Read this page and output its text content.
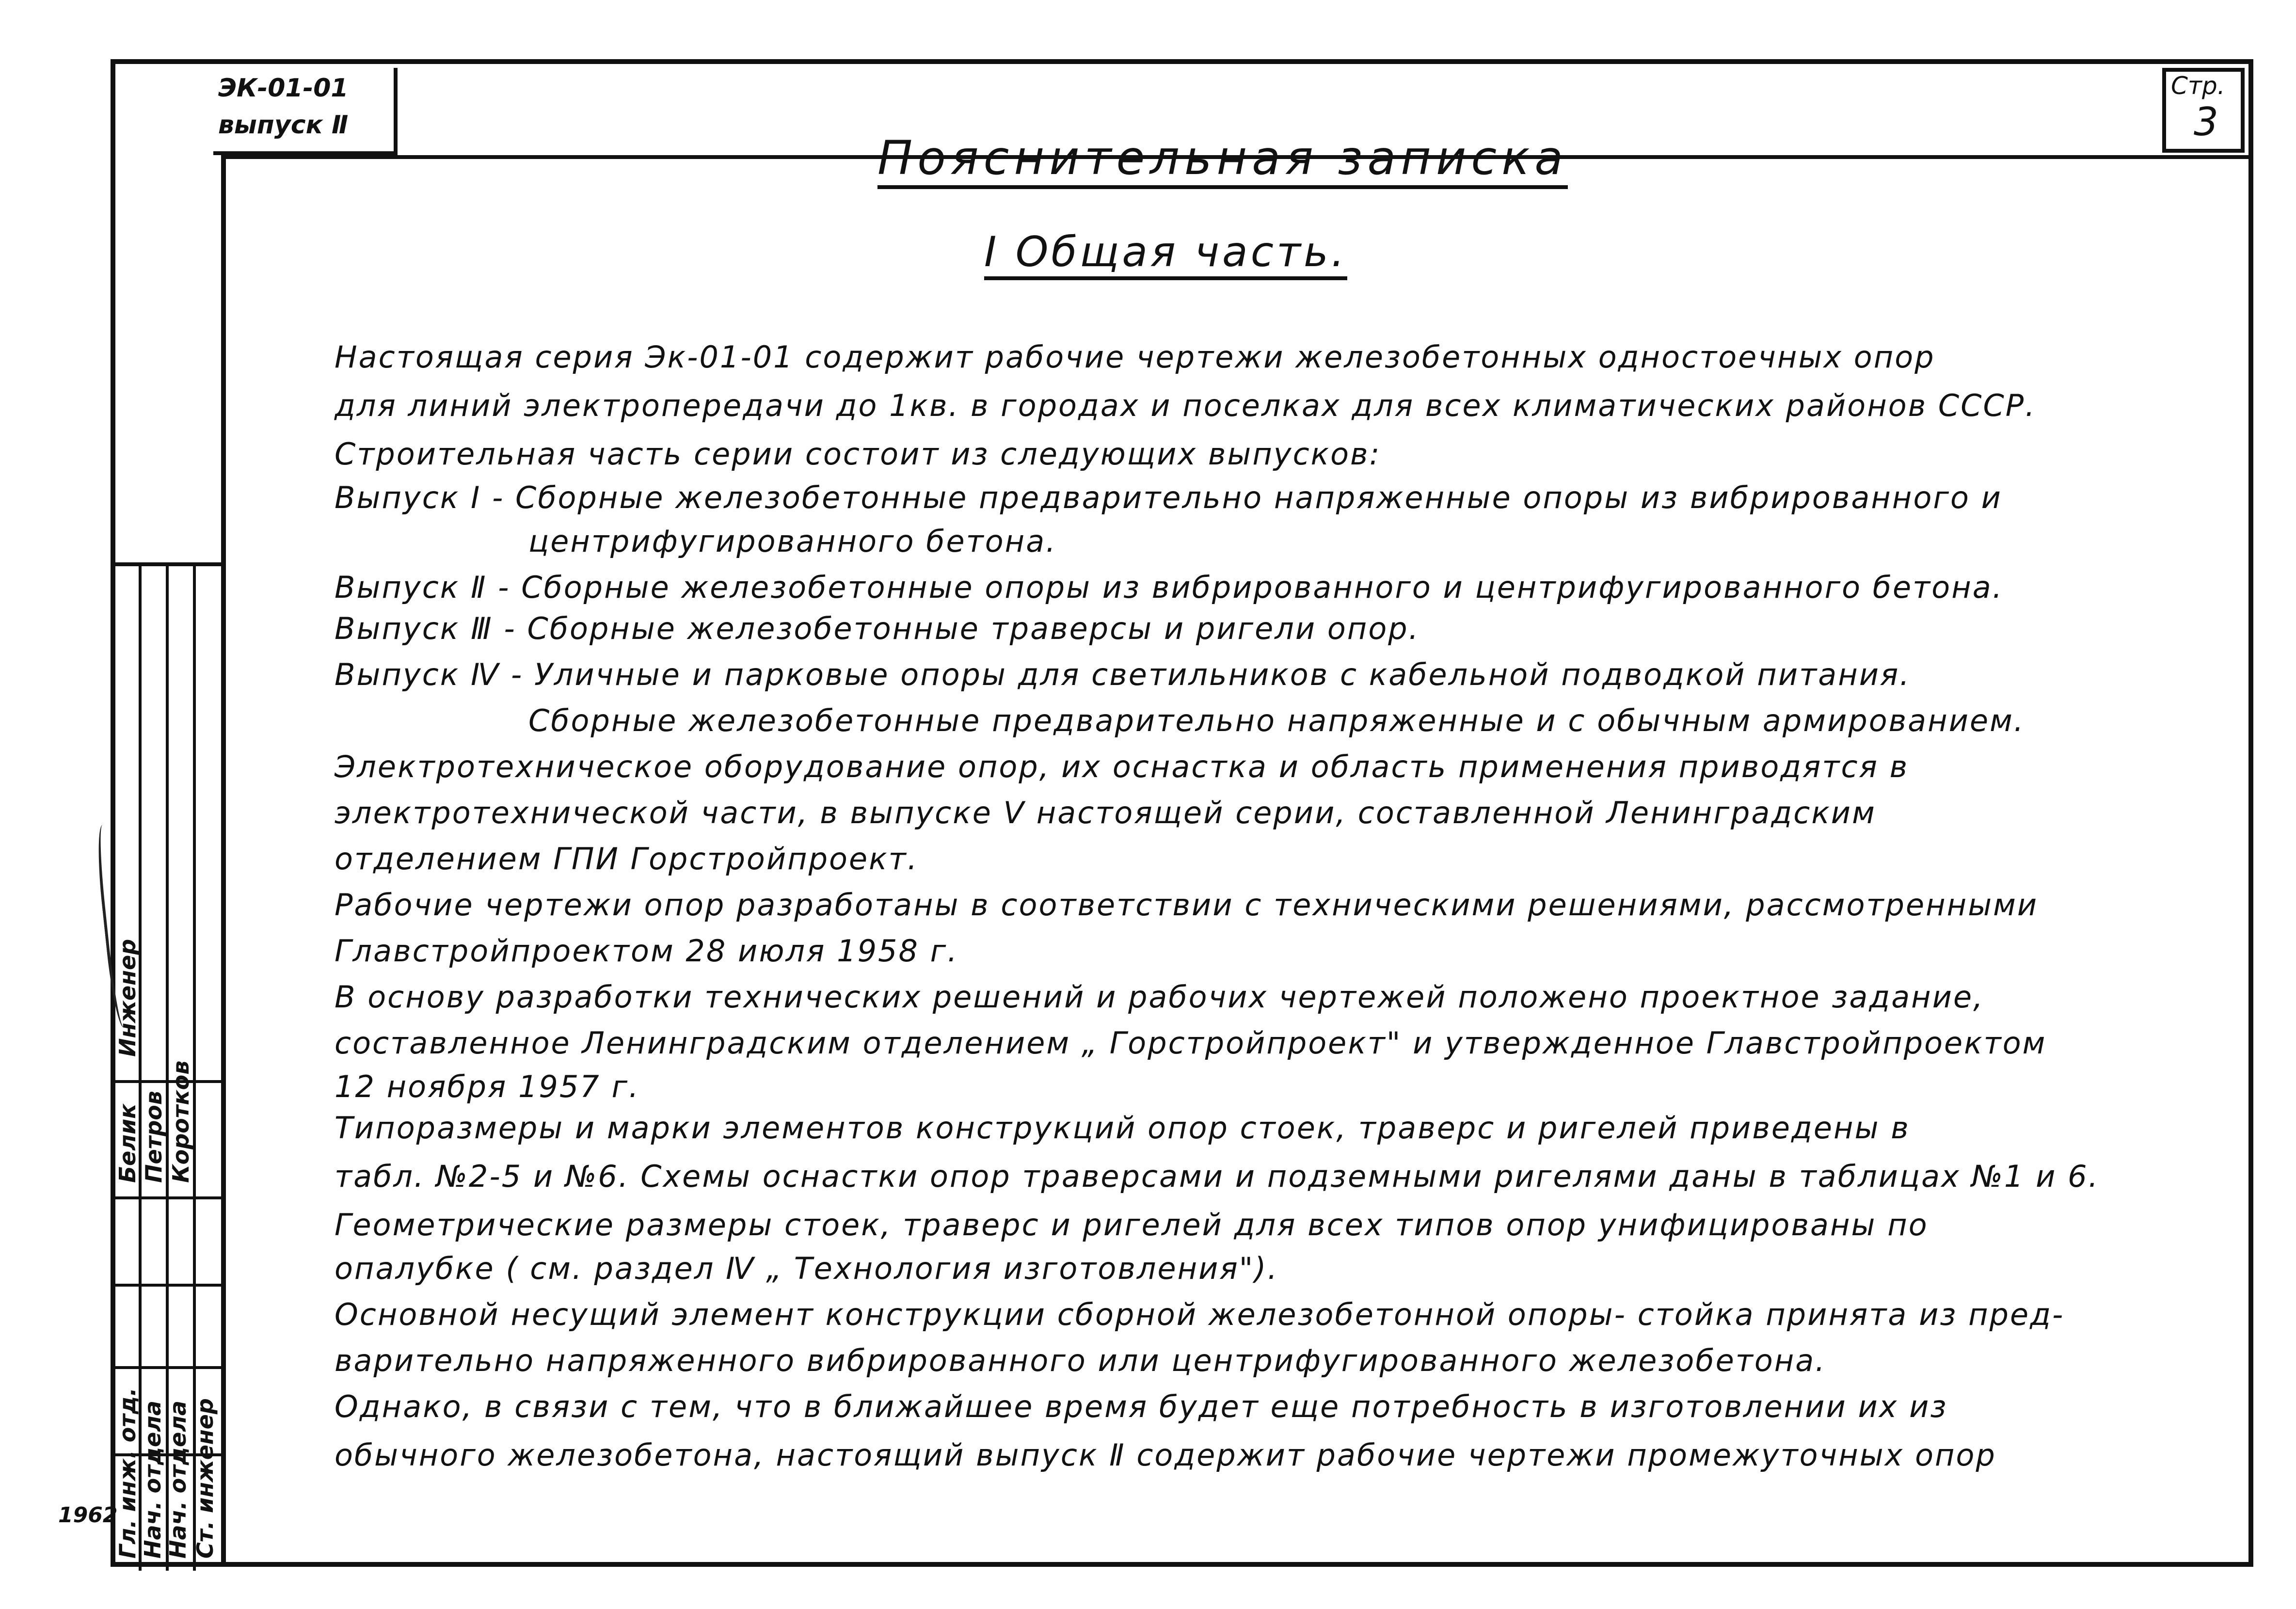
ЭК-01-01
выпуск Ⅱ
Стр.
3
Пояснительная записка
Ⅰ Общая часть.
Настоящая серия Эк-01-01 содержит рабочие чертежи железобетонных одностоечных опор
для линий электропередачи до 1кв. в городах и поселках для всех климатических районов СССР.
Строительная часть серии состоит из следующих выпусков:
Выпуск Ⅰ - Сборные железобетонные предварительно напряженные опоры из вибрированного и
центрифугированного бетона.
Выпуск Ⅱ - Сборные железобетонные опоры из вибрированного и центрифугированного бетона.
Выпуск Ⅲ - Сборные железобетонные траверсы и ригели опор.
Выпуск Ⅳ - Уличные и парковые опоры для светильников с кабельной подводкой питания.
Сборные железобетонные предварительно напряженные и с обычным армированием.
Электротехническое оборудование опор, их оснастка и область применения приводятся в
электротехнической части, в выпуске Ⅴ настоящей серии, составленной Ленинградским
отделением ГПИ Горстройпроект.
Рабочие чертежи опор разработаны в соответствии с техническими решениями, рассмотренными
Главстройпроектом 28 июля 1958 г.
В основу разработки технических решений и рабочих чертежей положено проектное задание,
составленное Ленинградским отделением „ Горстройпроект" и утвержденное Главстройпроектом
12 ноября 1957 г.
Типоразмеры и марки элементов конструкций опор стоек, траверс и ригелей приведены в
табл. №2-5 и №6. Схемы оснастки опор траверсами и подземными ригелями даны в таблицах №1 и 6.
Геометрические размеры стоек, траверс и ригелей для всех типов опор унифицированы по
опалубке ( см. раздел Ⅳ „ Технология изготовления").
Основной несущий элемент конструкции сборной железобетонной опоры- стойка принята из пред-
варительно напряженного вибрированного или центрифугированного железобетона.
Однако, в связи с тем, что в ближайшее время будет еще потребность в изготовлении их из
обычного железобетона, настоящий выпуск Ⅱ содержит рабочие чертежи промежуточных опор
Гл. инж. отд.
Нач. отдела
Нач. отдела Ст. инженер
Белик Петров Коротков
Инженер
1962
